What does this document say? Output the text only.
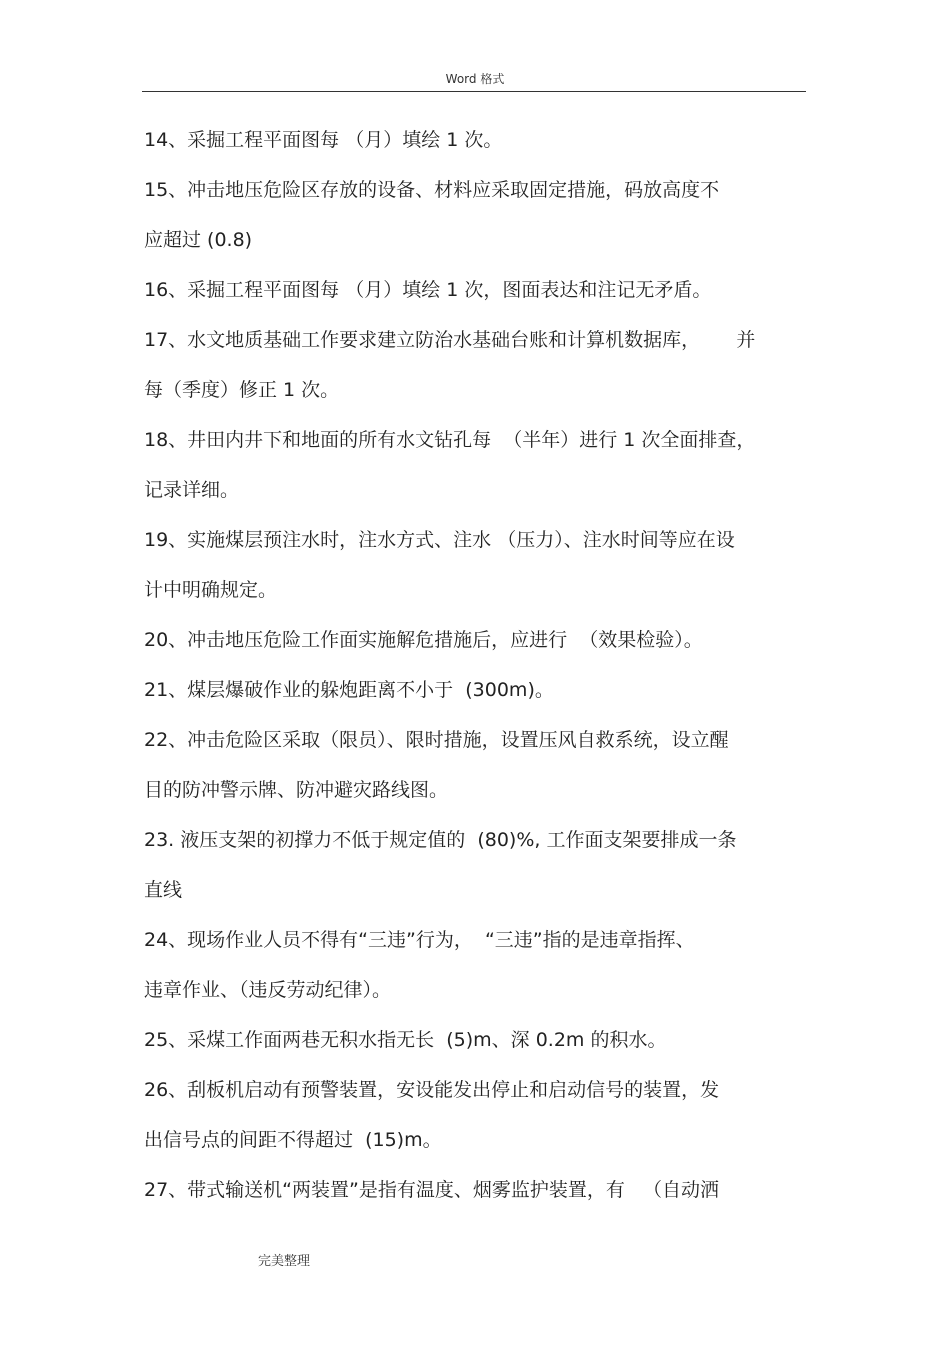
Word 格式
14、采掘工程平面图每 （月）填绘 1 次。
15、冲击地压危险区存放的设备、材料应采取固定措施，码放高度不
应超过 (0.8)
16、采掘工程平面图每 （月）填绘 1 次，图面表达和注记无矛盾。
17、水文地质基础工作要求建立防治水基础台账和计算机数据库，      并
每（季度）修正 1 次。
18、井田内井下和地面的所有水文钻孔每  （半年）进行 1 次全面排查，
记录详细。
19、实施煤层预注水时，注水方式、注水 （压力）、注水时间等应在设
计中明确规定。
20、冲击地压危险工作面实施解危措施后，应进行  （效果检验）。
21、煤层爆破作业的躲炮距离不小于  (300m)。
22、冲击危险区采取（限员）、限时措施，设置压风自救系统，设立醒
目的防冲警示牌、防冲避灾路线图。
23. 液压支架的初撑力不低于规定值的  (80)%, 工作面支架要排成一条
直线
24、现场作业人员不得有“三违”行为，  “三违”指的是违章指挥、
违章作业、（违反劳动纪律）。
25、采煤工作面两巷无积水指无长  (5)m、深 0.2m 的积水。
26、刮板机启动有预警装置，安设能发出停止和启动信号的装置，发
出信号点的间距不得超过  (15)m。
27、带式输送机“两装置”是指有温度、烟雾监护装置，有   （自动洒
完美整理
